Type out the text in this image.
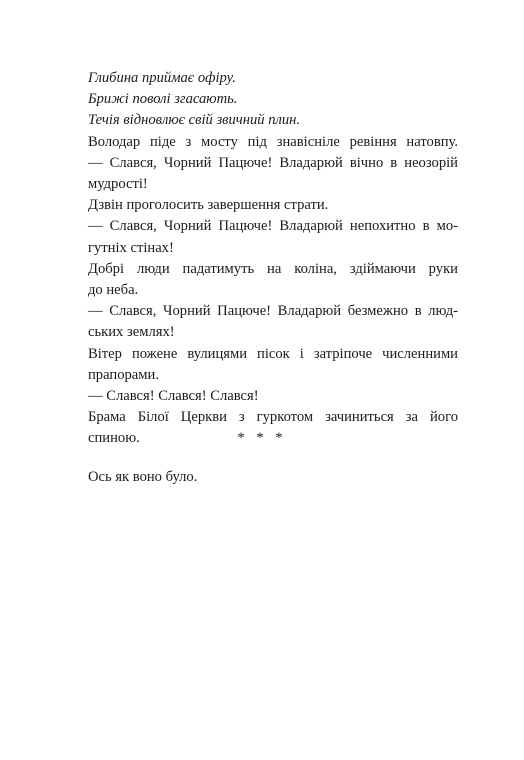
Глибина приймає офіру.
Брижі поволі згасають.
Течія відновлює свій звичний плин.
Володар піде з мосту під знавісніле ревіння натовпу.
— Слався, Чорний Пацюче! Владарюй вічно в неозорій
мудрості!
Дзвін проголосить завершення страти.
— Слався, Чорний Пацюче! Владарюй непохитно в мо-
гутніх стінах!
Добрі люди падатимуть на коліна, здіймаючи руки
до неба.
— Слався, Чорний Пацюче! Владарюй безмежно в люд-
ських землях!
Вітер пожене вулицями пісок і затріпоче численними
прапорами.
— Слався! Слався! Слався!
Брама Білої Церкви з гуркотом зачиниться за його
спиною.	* * *
Ось як воно було.
